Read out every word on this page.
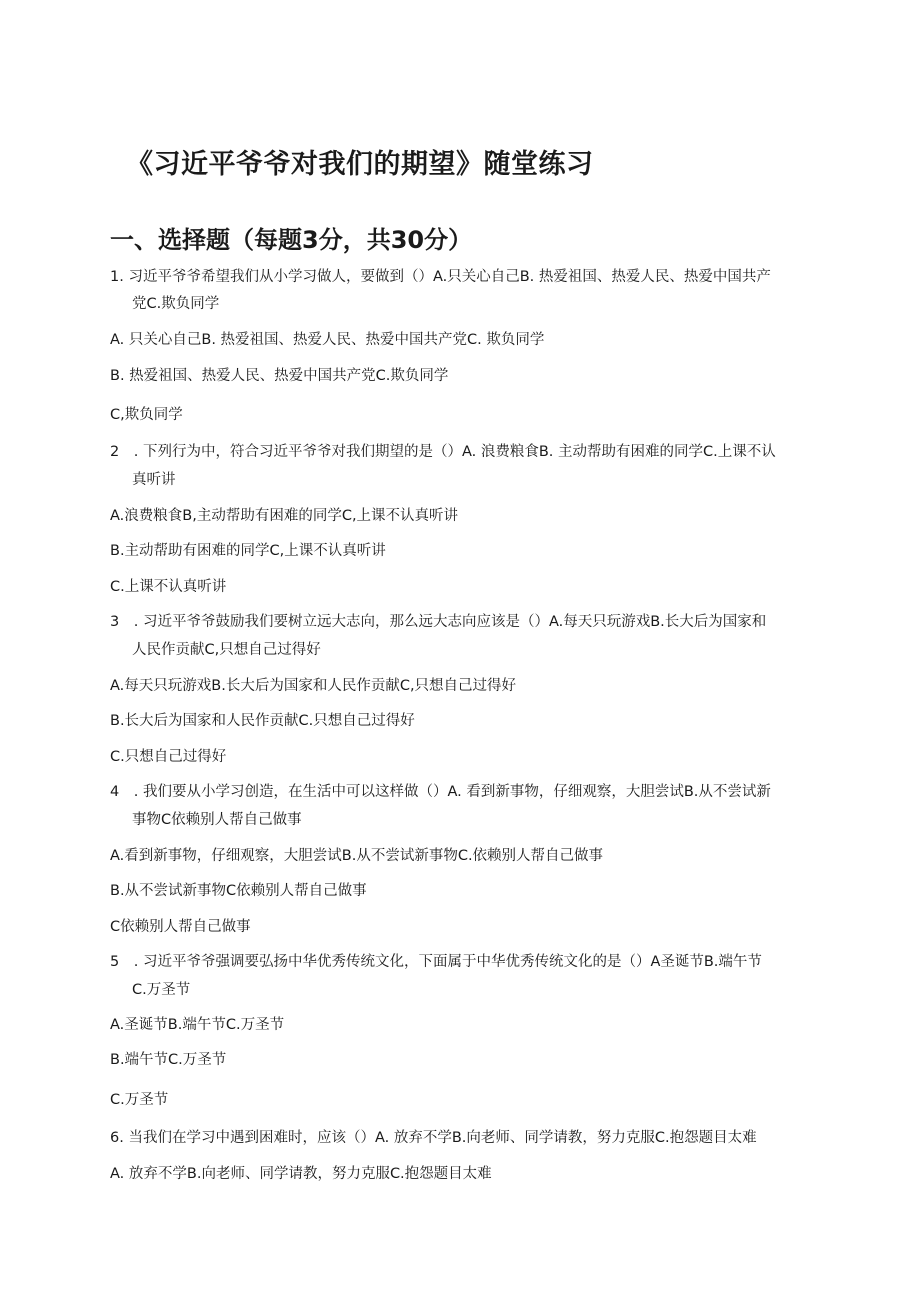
《习近平爷爷对我们的期望》随堂练习
一、选择题（每题3分，共30分）
1. 习近平爷爷希望我们从小学习做人，要做到（）A.只关心自己B. 热爱祖国、热爱人民、热爱中国共产
党C.欺负同学
A. 只关心自己B. 热爱祖国、热爱人民、热爱中国共产党C. 欺负同学
B. 热爱祖国、热爱人民、热爱中国共产党C.欺负同学
C,欺负同学
2　. 下列行为中，符合习近平爷爷对我们期望的是（）A. 浪费粮食B. 主动帮助有困难的同学C.上课不认
真听讲
A.浪费粮食B,主动帮助有困难的同学C,上课不认真听讲
B.主动帮助有困难的同学C,上课不认真听讲
C.上课不认真听讲
3　. 习近平爷爷鼓励我们要树立远大志向，那么远大志向应该是（）A.每天只玩游戏B.长大后为国家和
人民作贡献C,只想自己过得好
A.每天只玩游戏B.长大后为国家和人民作贡献C,只想自己过得好
B.长大后为国家和人民作贡献C.只想自己过得好
C.只想自己过得好
4　. 我们要从小学习创造，在生活中可以这样做（）A. 看到新事物，仔细观察，大胆尝试B.从不尝试新
事物C依赖别人帮自己做事
A.看到新事物，仔细观察，大胆尝试B.从不尝试新事物C.依赖别人帮自己做事
B.从不尝试新事物C依赖别人帮自己做事
C依赖别人帮自己做事
5　. 习近平爷爷强调要弘扬中华优秀传统文化，下面属于中华优秀传统文化的是（）A圣诞节B.端午节
C.万圣节
A.圣诞节B.端午节C.万圣节
B.端午节C.万圣节
C.万圣节
6. 当我们在学习中遇到困难时，应该（）A. 放弃不学B.向老师、同学请教，努力克服C.抱怨题目太难
A. 放弃不学B.向老师、同学请教，努力克服C.抱怨题目太难
